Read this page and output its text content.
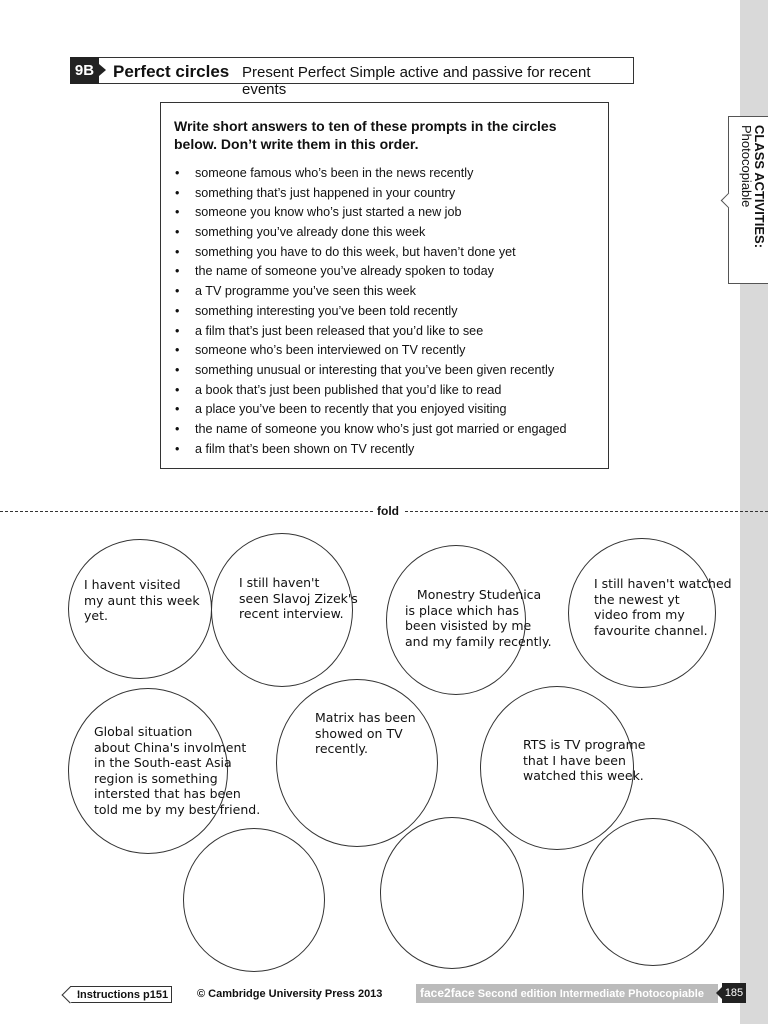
CLASS ACTIVITIES:
Photocopiable
9B Perfect circles Present Perfect Simple active and passive for recent events
Write short answers to ten of these prompts in the circles below. Don’t write them in this order.
• someone famous who’s been in the news recently
• something that’s just happened in your country
• someone you know who’s just started a new job
• something you’ve already done this week
• something you have to do this week, but haven’t done yet
• the name of someone you’ve already spoken to today
• a TV programme you’ve seen this week
• something interesting you’ve been told recently
• a film that’s just been released that you’d like to see
• someone who’s been interviewed on TV recently
• something unusual or interesting that you’ve been given recently
• a book that’s just been published that you’d like to read
• a place you’ve been to recently that you enjoyed visiting
• the name of someone you know who’s just got married or engaged
• a film that’s been shown on TV recently
fold
I havent visited
my aunt this week
yet.
I still haven't
seen Slavoj Zizek's
recent interview.
Monestry Studenica
is place which has
been visisted by me
and my family recently.
I still haven't watched
the newest yt
video from my
favourite channel.
Global situation
about China's involment
in the South-east Asia
region is something
intersted that has been
told me by my best friend.
Matrix has been
showed on TV
recently.	RTS is TV programe
that I have been
watched this week.
Instructions p151	© Cambridge University Press 2013	face2face Second edition Intermediate Photocopiable	185
